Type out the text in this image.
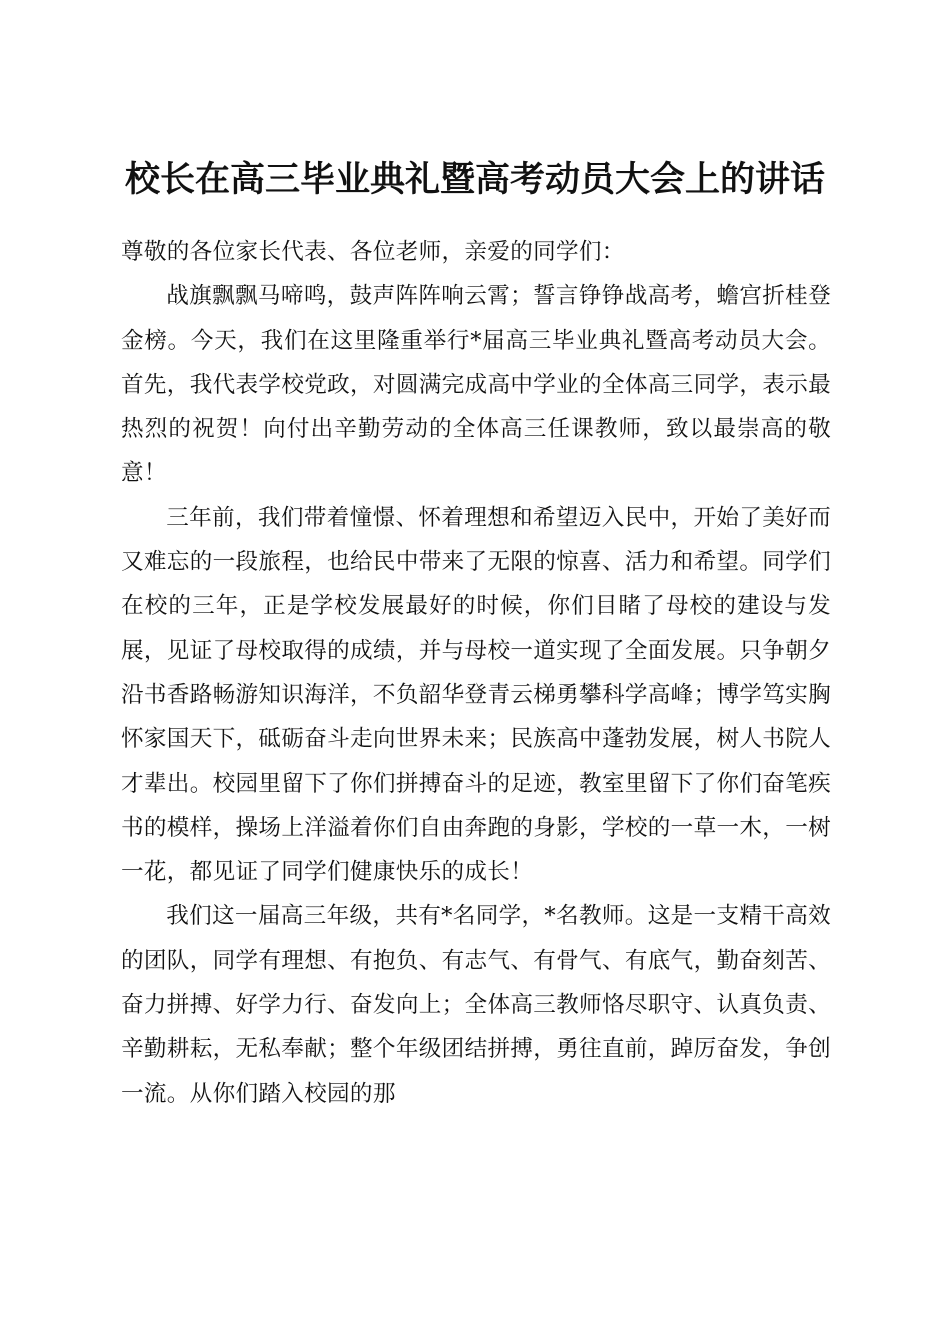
校长在高三毕业典礼暨高考动员大会上的讲话

尊敬的各位家长代表、各位老师，亲爱的同学们：

战旗飘飘马啼鸣，鼓声阵阵响云霄；誓言铮铮战高考，蟾宫折桂登金榜。今天，我们在这里隆重举行*届高三毕业典礼暨高考动员大会。首先，我代表学校党政，对圆满完成高中学业的全体高三同学，表示最热烈的祝贺！向付出辛勤劳动的全体高三任课教师，致以最崇高的敬意！

三年前，我们带着憧憬、怀着理想和希望迈入民中，开始了美好而又难忘的一段旅程，也给民中带来了无限的惊喜、活力和希望。同学们在校的三年，正是学校发展最好的时候，你们目睹了母校的建设与发展，见证了母校取得的成绩，并与母校一道实现了全面发展。只争朝夕沿书香路畅游知识海洋，不负韶华登青云梯勇攀科学高峰；博学笃实胸怀家国天下，砥砺奋斗走向世界未来；民族高中蓬勃发展，树人书院人才辈出。校园里留下了你们拼搏奋斗的足迹，教室里留下了你们奋笔疾书的模样，操场上洋溢着你们自由奔跑的身影，学校的一草一木，一树一花，都见证了同学们健康快乐的成长！

我们这一届高三年级，共有*名同学，*名教师。这是一支精干高效的团队，同学有理想、有抱负、有志气、有骨气、有底气，勤奋刻苦、奋力拼搏、好学力行、奋发向上；全体高三教师恪尽职守、认真负责、辛勤耕耘，无私奉献；整个年级团结拼搏，勇往直前，踔厉奋发，争创一流。从你们踏入校园的那
